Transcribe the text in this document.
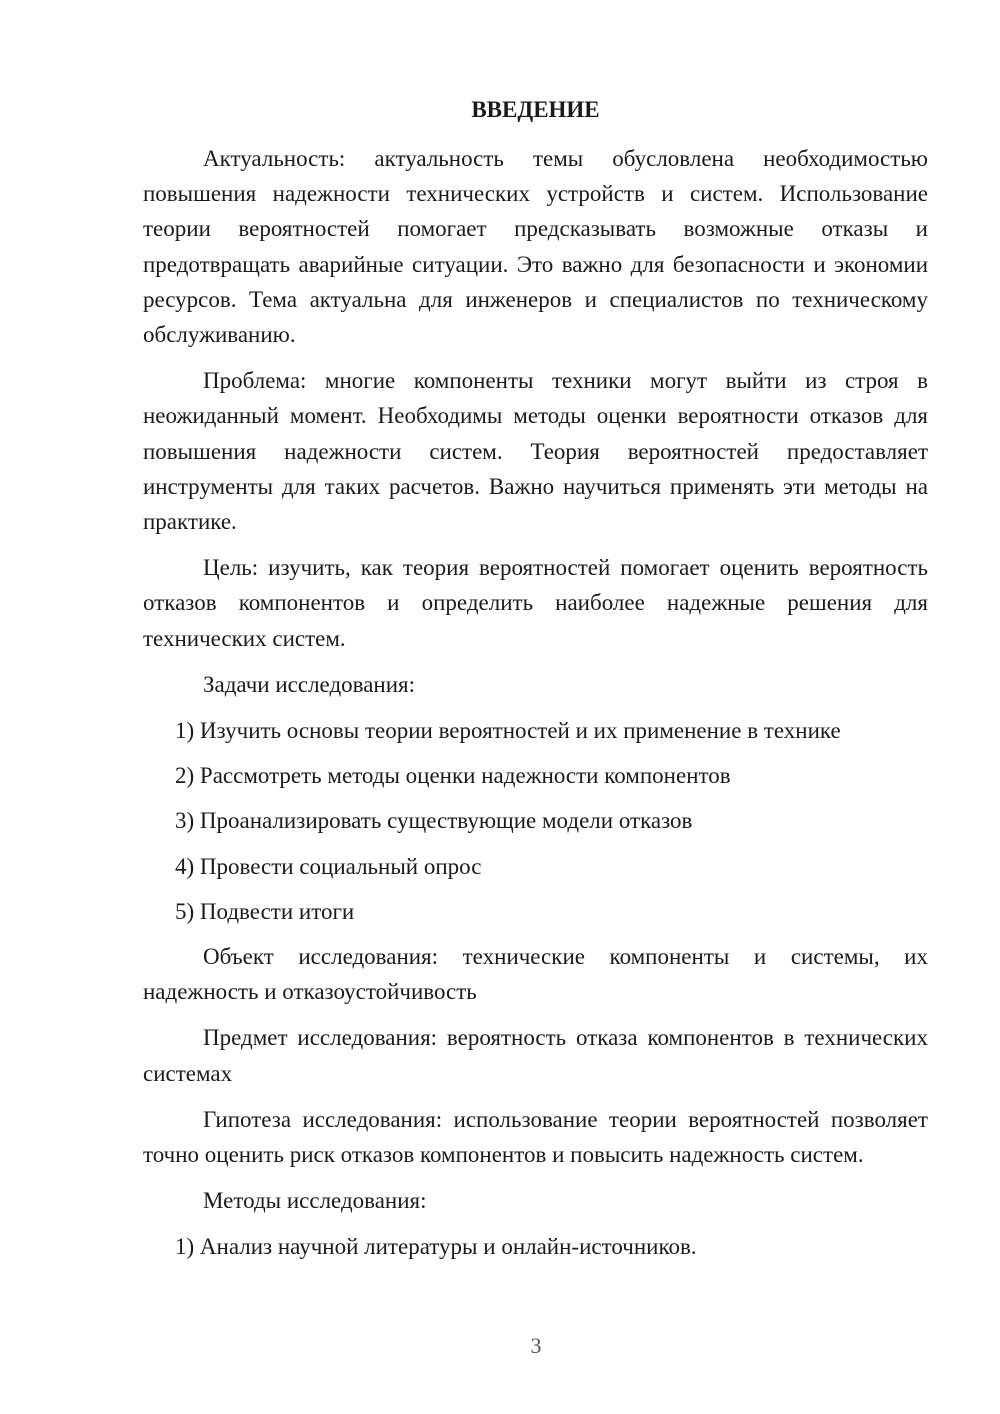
ВВЕДЕНИЕ

Актуальность: актуальность темы обусловлена необходимостью повышения надежности технических устройств и систем. Использование теории вероятностей помогает предсказывать возможные отказы и предотвращать аварийные ситуации. Это важно для безопасности и экономии ресурсов. Тема актуальна для инженеров и специалистов по техническому обслуживанию.

Проблема: многие компоненты техники могут выйти из строя в неожиданный момент. Необходимы методы оценки вероятности отказов для повышения надежности систем. Теория вероятностей предоставляет инструменты для таких расчетов. Важно научиться применять эти методы на практике.

Цель: изучить, как теория вероятностей помогает оценить вероятность отказов компонентов и определить наиболее надежные решения для технических систем.

Задачи исследования:

1) Изучить основы теории вероятностей и их применение в технике

2) Рассмотреть методы оценки надежности компонентов

3) Проанализировать существующие модели отказов

4) Провести социальный опрос

5) Подвести итоги

Объект исследования: технические компоненты и системы, их надежность и отказоустойчивость

Предмет исследования: вероятность отказа компонентов в технических системах

Гипотеза исследования: использование теории вероятностей позволяет точно оценить риск отказов компонентов и повысить надежность систем.

Методы исследования:

1) Анализ научной литературы и онлайн-источников.

3
